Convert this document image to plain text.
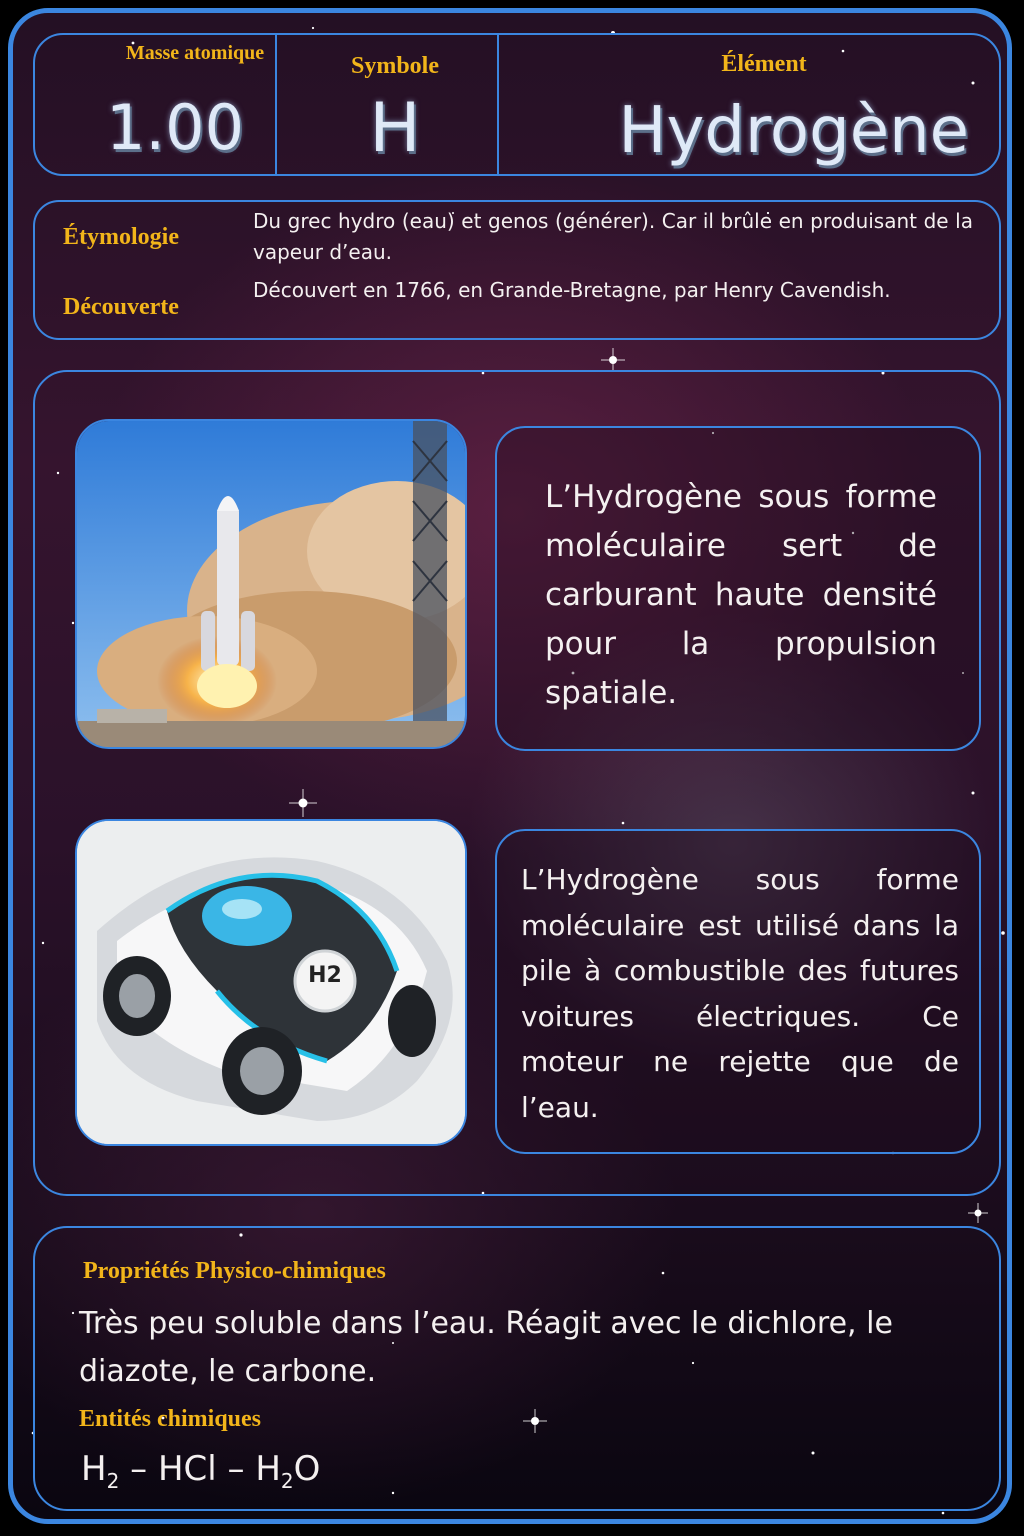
Masse atomique
1.00
Symbole
H
Élément
Hydrogène
Étymologie
Du grec hydro (eau) et genos (générer). Car il brûle en produisant de la vapeur d’eau.
Découverte
Découvert en 1766, en Grande-Bretagne, par Henry Cavendish.
L’Hydrogène sous forme moléculaire sert de carburant haute densité pour la propulsion spatiale.
H2
L’Hydrogène sous forme moléculaire est utilisé dans la pile à combustible des futures voitures électriques. Ce moteur ne rejette que de l’eau.
Propriétés Physico-chimiques
Très peu soluble dans l’eau. Réagit avec le dichlore, le diazote, le carbone.
Entités chimiques
$H_2$ – HCl – $H_2O$
